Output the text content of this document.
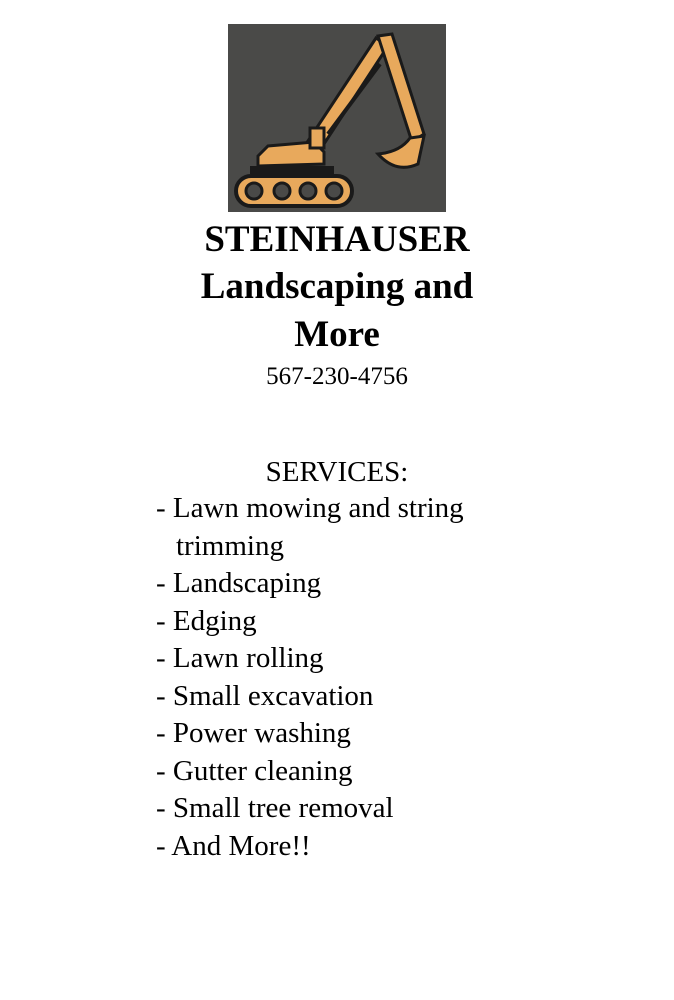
STEINHAUSER
Landscaping and
More
567-230-4756
SERVICES:
- Lawn mowing and string trimming
- Landscaping
- Edging
- Lawn rolling
- Small excavation
- Power washing
- Gutter cleaning
- Small tree removal
- And More!!
